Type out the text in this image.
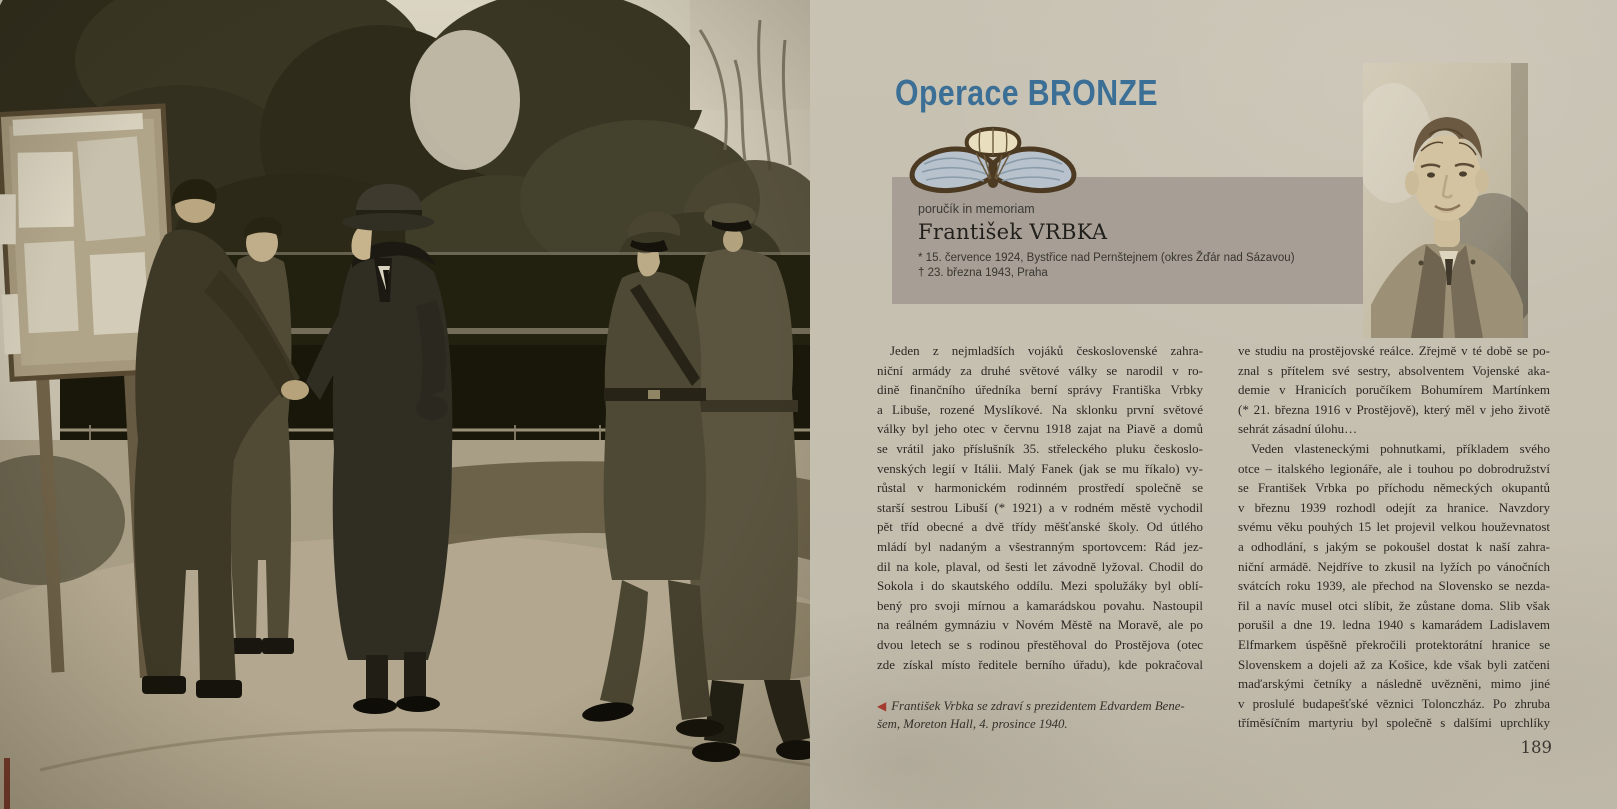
Operace BRONZE
poručík in memoriam
František VRBKA
* 15. července 1924, Bystřice nad Pernštejnem (okres Žďár nad Sázavou)
† 23. března 1943, Praha
Jeden z nejmladších vojáků československé zahra-
niční armády za druhé světové války se narodil v ro-
dině finančního úředníka berní správy Františka Vrbky
a Libuše, rozené Myslíkové. Na sklonku první světové
války byl jeho otec v červnu 1918 zajat na Piavě a domů
se vrátil jako příslušník 35. střeleckého pluku českoslo-
venských legií v Itálii. Malý Fanek (jak se mu říkalo) vy-
růstal v harmonickém rodinném prostředí společně se
starší sestrou Libuší (* 1921) a v rodném městě vychodil
pět tříd obecné a dvě třídy měšťanské školy. Od útlého
mládí byl nadaným a všestranným sportovcem: Rád jez-
dil na kole, plaval, od šesti let závodně lyžoval. Chodil do
Sokola i do skautského oddílu. Mezi spolužáky byl oblí-
bený pro svoji mírnou a kamarádskou povahu. Nastoupil
na reálném gymnáziu v Novém Městě na Moravě, ale po
dvou letech se s rodinou přestěhoval do Prostějova (otec
zde získal místo ředitele berního úřadu), kde pokračoval
ve studiu na prostějovské reálce. Zřejmě v té době se po-
znal s přítelem své sestry, absolventem Vojenské aka-
demie v Hranicích poručíkem Bohumírem Martínkem
(* 21. března 1916 v Prostějově), který měl v jeho životě
sehrát zásadní úlohu…
Veden vlasteneckými pohnutkami, příkladem svého
otce – italského legionáře, ale i touhou po dobrodružství
se František Vrbka po příchodu německých okupantů
v březnu 1939 rozhodl odejít za hranice. Navzdory
svému věku pouhých 15 let projevil velkou houževnatost
a odhodlání, s jakým se pokoušel dostat k naší zahra-
niční armádě. Nejdříve to zkusil na lyžích po vánočních
svátcích roku 1939, ale přechod na Slovensko se nezda-
řil a navíc musel otci slíbit, že zůstane doma. Slib však
porušil a dne 19. ledna 1940 s kamarádem Ladislavem
Elfmarkem úspěšně překročili protektorátní hranice se
Slovenskem a dojeli až za Košice, kde však byli zatčeni
maďarskými četníky a následně uvězněni, mimo jiné
v proslulé budapešťské věznici Tolonczház. Po zhruba
tříměsíčním martyriu byl společně s dalšími uprchlíky
◀ František Vrbka se zdraví s prezidentem Edvardem Bene-
šem, Moreton Hall, 4. prosince 1940.
189
